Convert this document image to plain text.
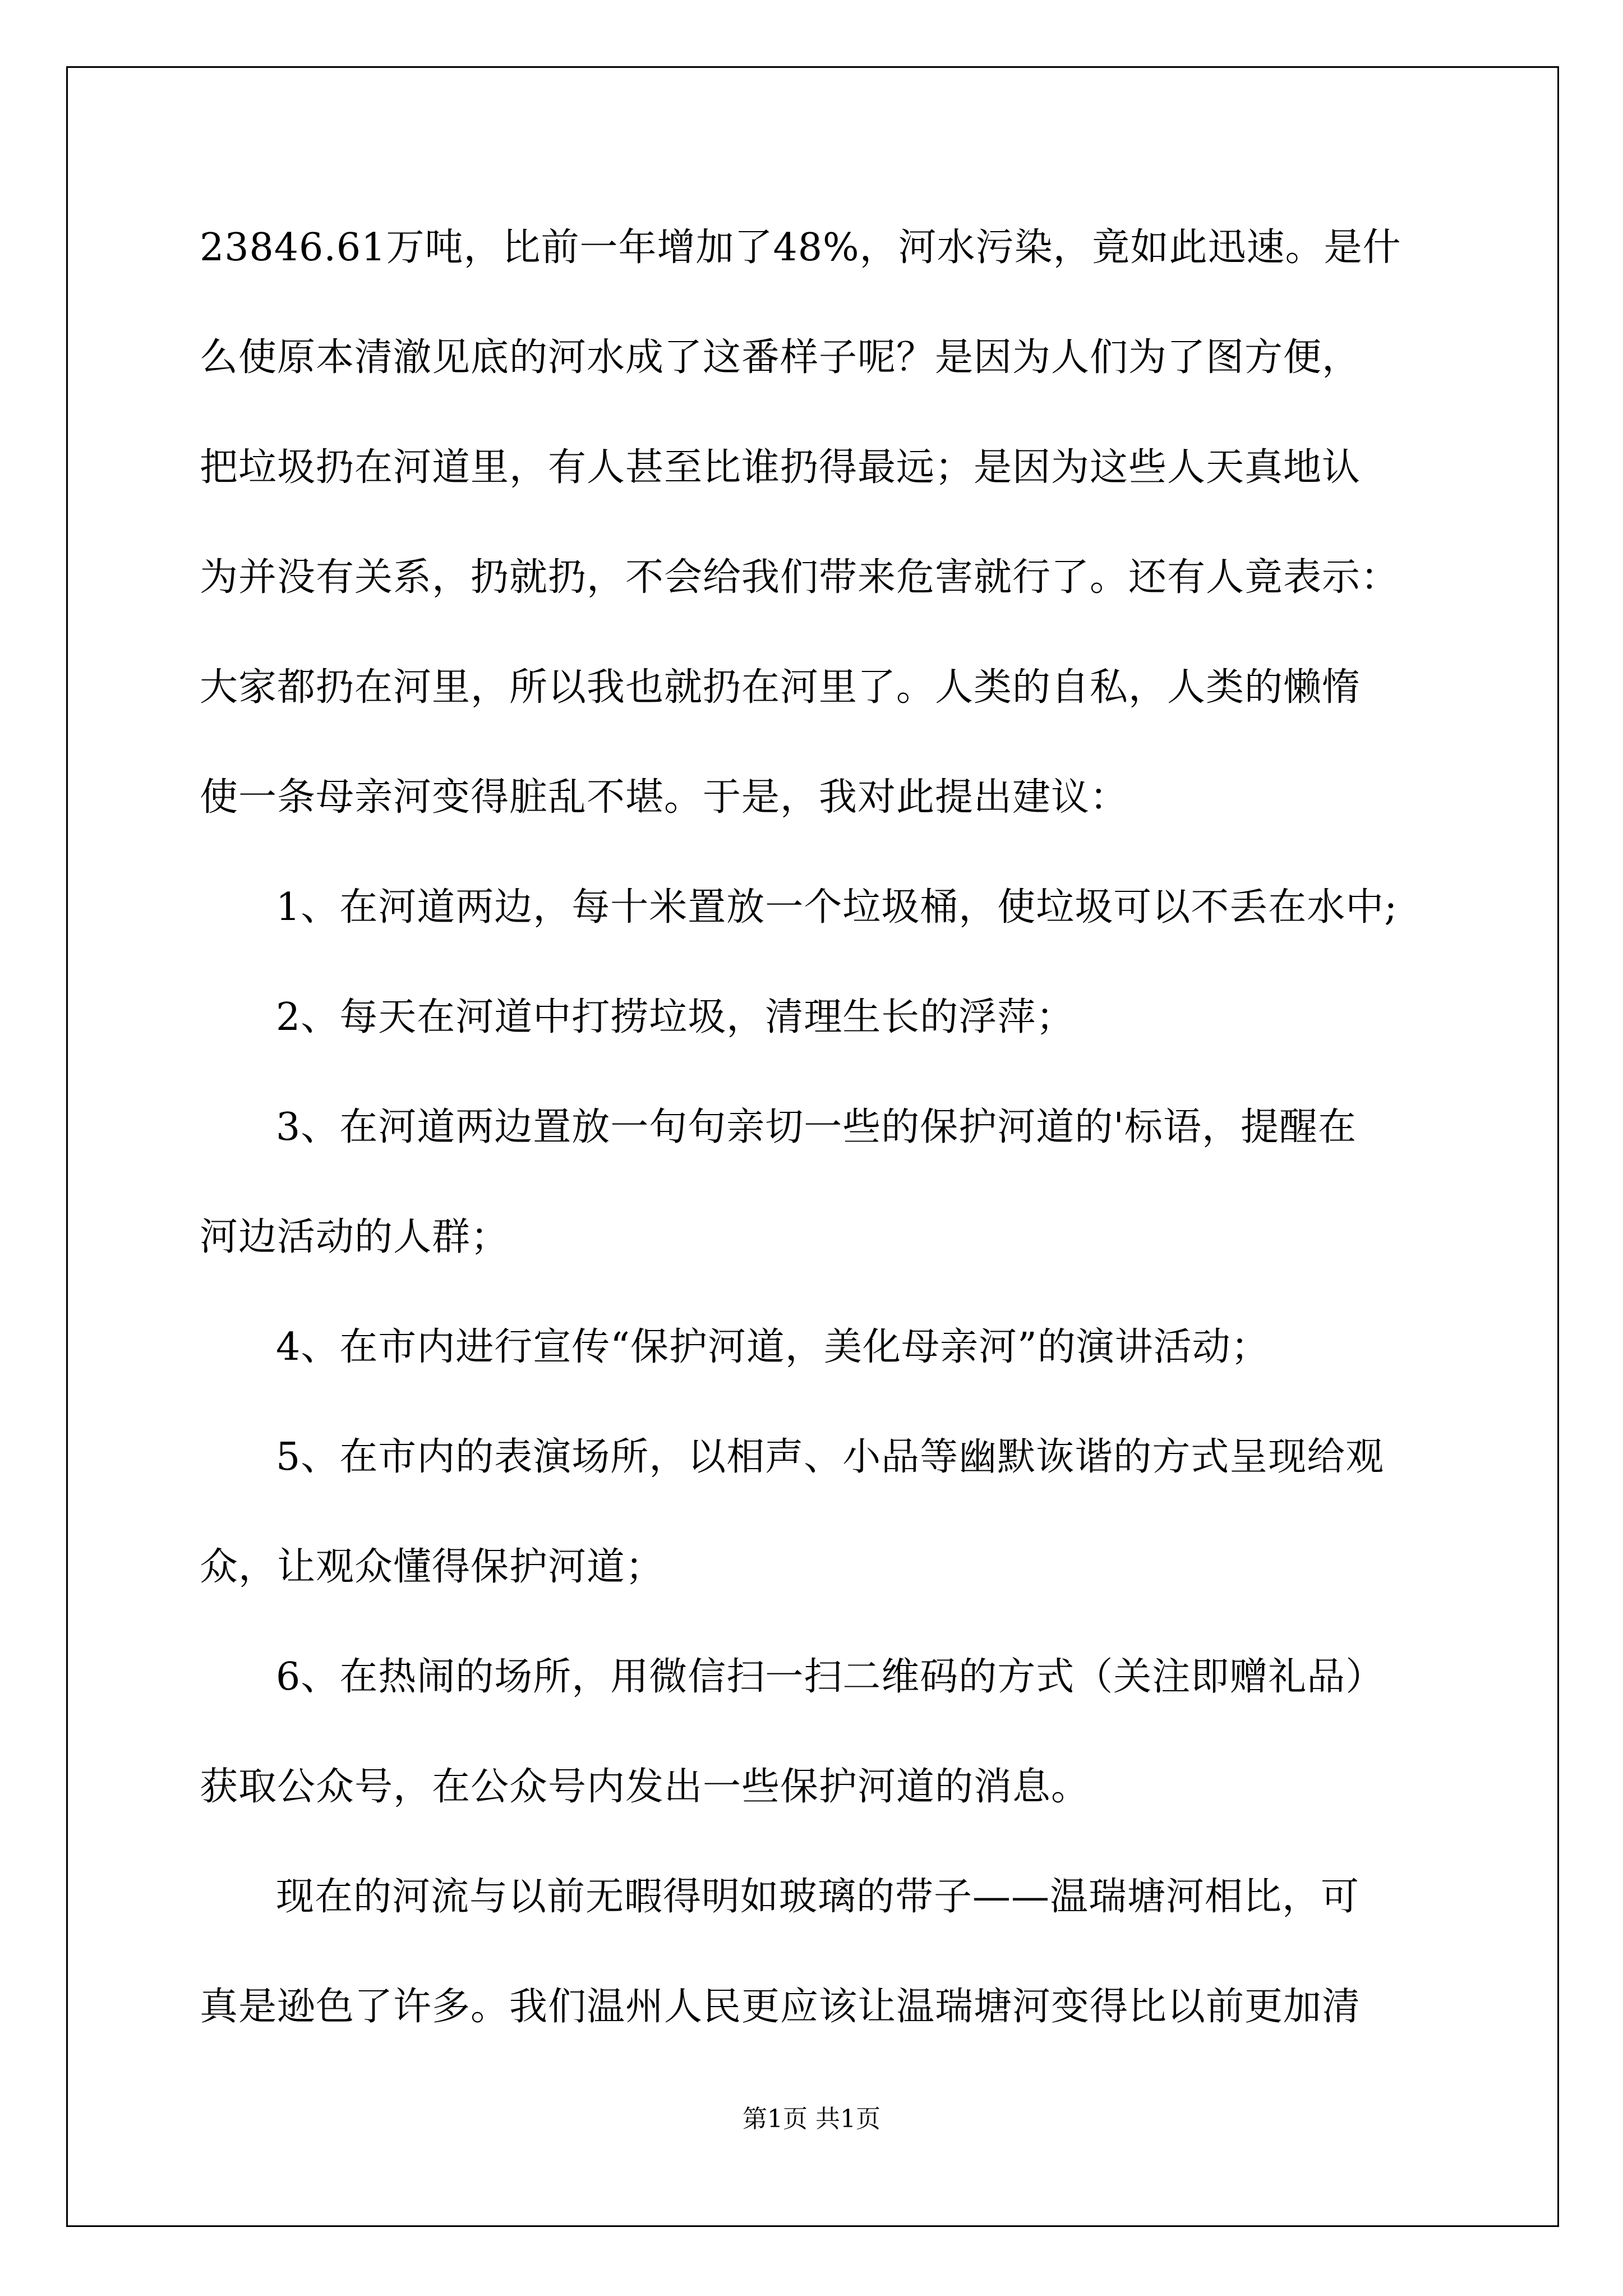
23846.61万吨，比前一年增加了48%，河水污染，竟如此迅速。是什
么使原本清澈见底的河水成了这番样子呢？是因为人们为了图方便，
把垃圾扔在河道里，有人甚至比谁扔得最远；是因为这些人天真地认
为并没有关系，扔就扔，不会给我们带来危害就行了。还有人竟表示：
大家都扔在河里，所以我也就扔在河里了。人类的自私，人类的懒惰
使一条母亲河变得脏乱不堪。于是，我对此提出建议：
1、在河道两边，每十米置放一个垃圾桶，使垃圾可以不丢在水中;
2、每天在河道中打捞垃圾，清理生长的浮萍；
3、在河道两边置放一句句亲切一些的保护河道的'标语，提醒在
河边活动的人群；
4、在市内进行宣传“保护河道，美化母亲河”的演讲活动；
5、在市内的表演场所，以相声、小品等幽默诙谐的方式呈现给观
众，让观众懂得保护河道；
6、在热闹的场所，用微信扫一扫二维码的方式（关注即赠礼品）
获取公众号，在公众号内发出一些保护河道的消息。
现在的河流与以前无暇得明如玻璃的带子——温瑞塘河相比，可
真是逊色了许多。我们温州人民更应该让温瑞塘河变得比以前更加清
第1页 共1页
